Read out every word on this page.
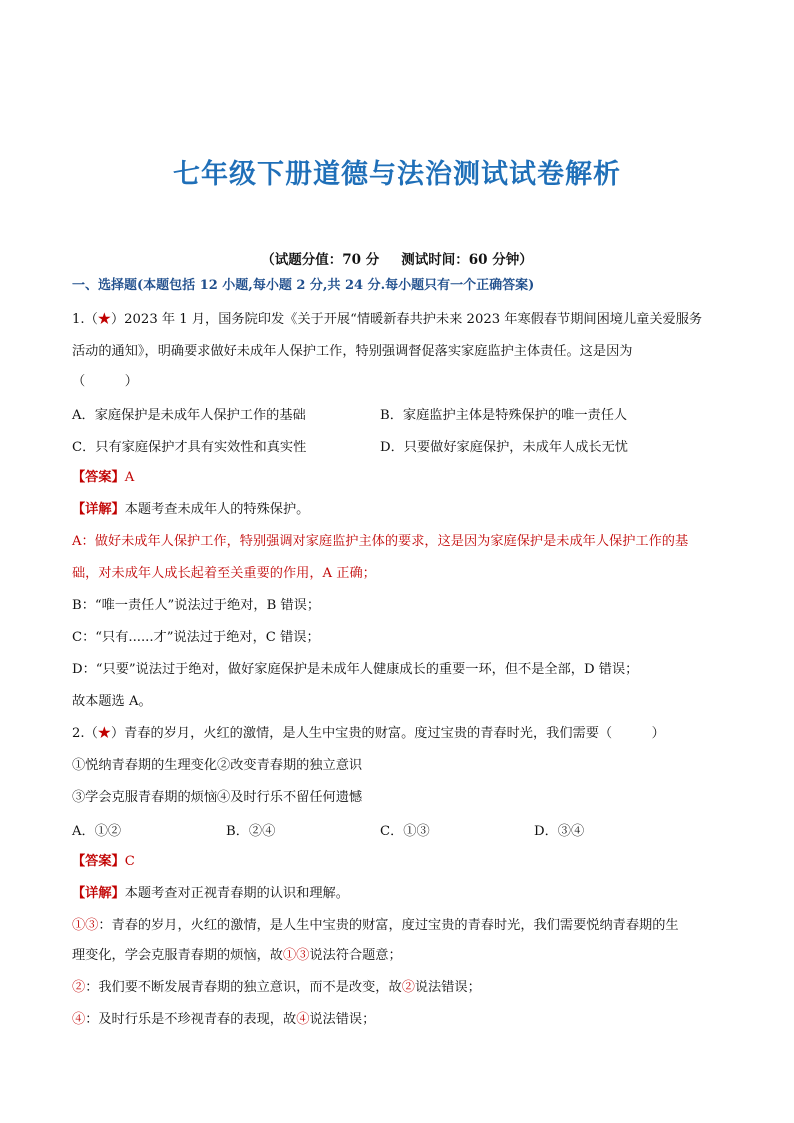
七年级下册道德与法治测试试卷解析
（试题分值：70 分 测试时间：60 分钟）
一、选择题(本题包括 12 小题,每小题 2 分,共 24 分.每小题只有一个正确答案)
1.（★）2023 年 1 月，国务院印发《关于开展“情暖新春共护未来 2023 年寒假春节期间困境儿童关爱服务
活动的通知》，明确要求做好未成年人保护工作，特别强调督促落实家庭监护主体责任。这是因为
（　　　）
A．家庭保护是未成年人保护工作的基础	B．家庭监护主体是特殊保护的唯一责任人
C．只有家庭保护才具有实效性和真实性	D．只要做好家庭保护，未成年人成长无忧
【答案】A
【详解】本题考查未成年人的特殊保护。
A：做好未成年人保护工作，特别强调对家庭监护主体的要求，这是因为家庭保护是未成年人保护工作的基
础，对未成年人成长起着至关重要的作用，A 正确；
B：“唯一责任人”说法过于绝对，B 错误；
C：“只有......才”说法过于绝对，C 错误；
D：“只要”说法过于绝对，做好家庭保护是未成年人健康成长的重要一环，但不是全部，D 错误；
故本题选 A。
2.（★）青春的岁月，火红的激情，是人生中宝贵的财富。度过宝贵的青春时光，我们需要（　　　）
①悦纳青春期的生理变化②改变青春期的独立意识
③学会克服青春期的烦恼④及时行乐不留任何遗憾
A．①②	B．②④	C．①③	D．③④
【答案】C
【详解】本题考查对正视青春期的认识和理解。
①③：青春的岁月，火红的激情，是人生中宝贵的财富，度过宝贵的青春时光，我们需要悦纳青春期的生
理变化，学会克服青春期的烦恼，故①③说法符合题意；
②：我们要不断发展青春期的独立意识，而不是改变，故②说法错误；
④：及时行乐是不珍视青春的表现，故④说法错误；
